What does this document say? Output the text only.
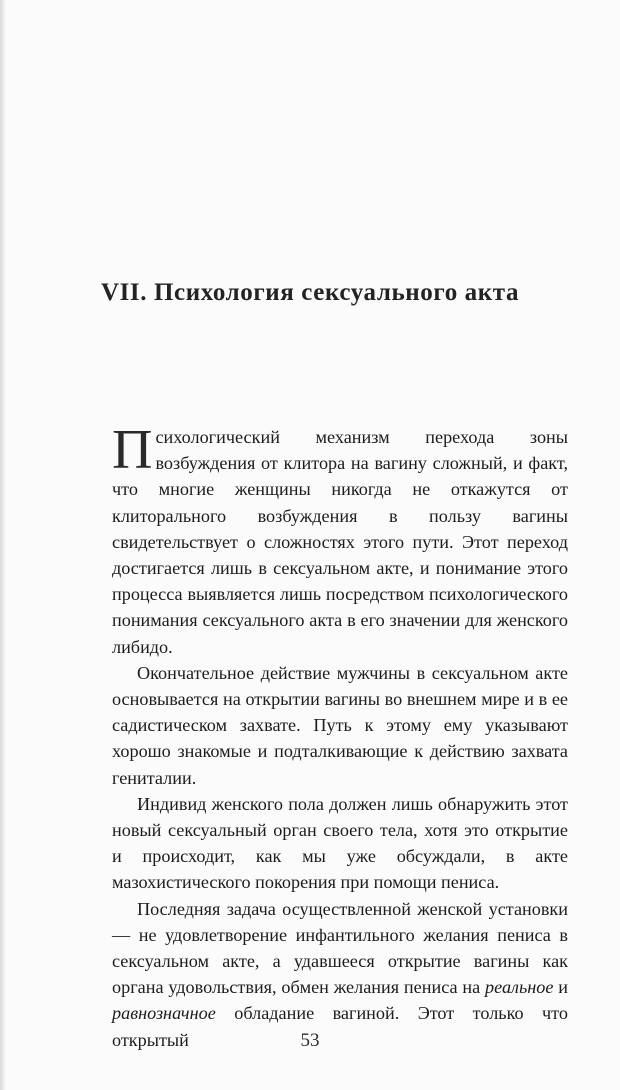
VII. Психология сексуального акта

Психологический механизм перехода зоны возбуждения от клитора на вагину сложный, и факт, что многие женщины никогда не откажутся от клиторального возбуждения в пользу вагины свидетельствует о сложностях этого пути. Этот переход достигается лишь в сексуальном акте, и понимание этого процесса выявляется лишь посредством психологического понимания сексуального акта в его значении для женского либидо.

Окончательное действие мужчины в сексуальном акте основывается на открытии вагины во внешнем мире и в ее садистическом захвате. Путь к этому ему указывают хорошо знакомые и подталкивающие к действию захвата гениталии.

Индивид женского пола должен лишь обнаружить этот новый сексуальный орган своего тела, хотя это открытие и происходит, как мы уже обсуждали, в акте мазохистического покорения при помощи пениса.

Последняя задача осуществленной женской установки — не удовлетворение инфантильного желания пениса в сексуальном акте, а удавшееся открытие вагины как органа удовольствия, обмен желания пениса на реальное и равнозначное обладание вагиной. Этот только что открытый	53
